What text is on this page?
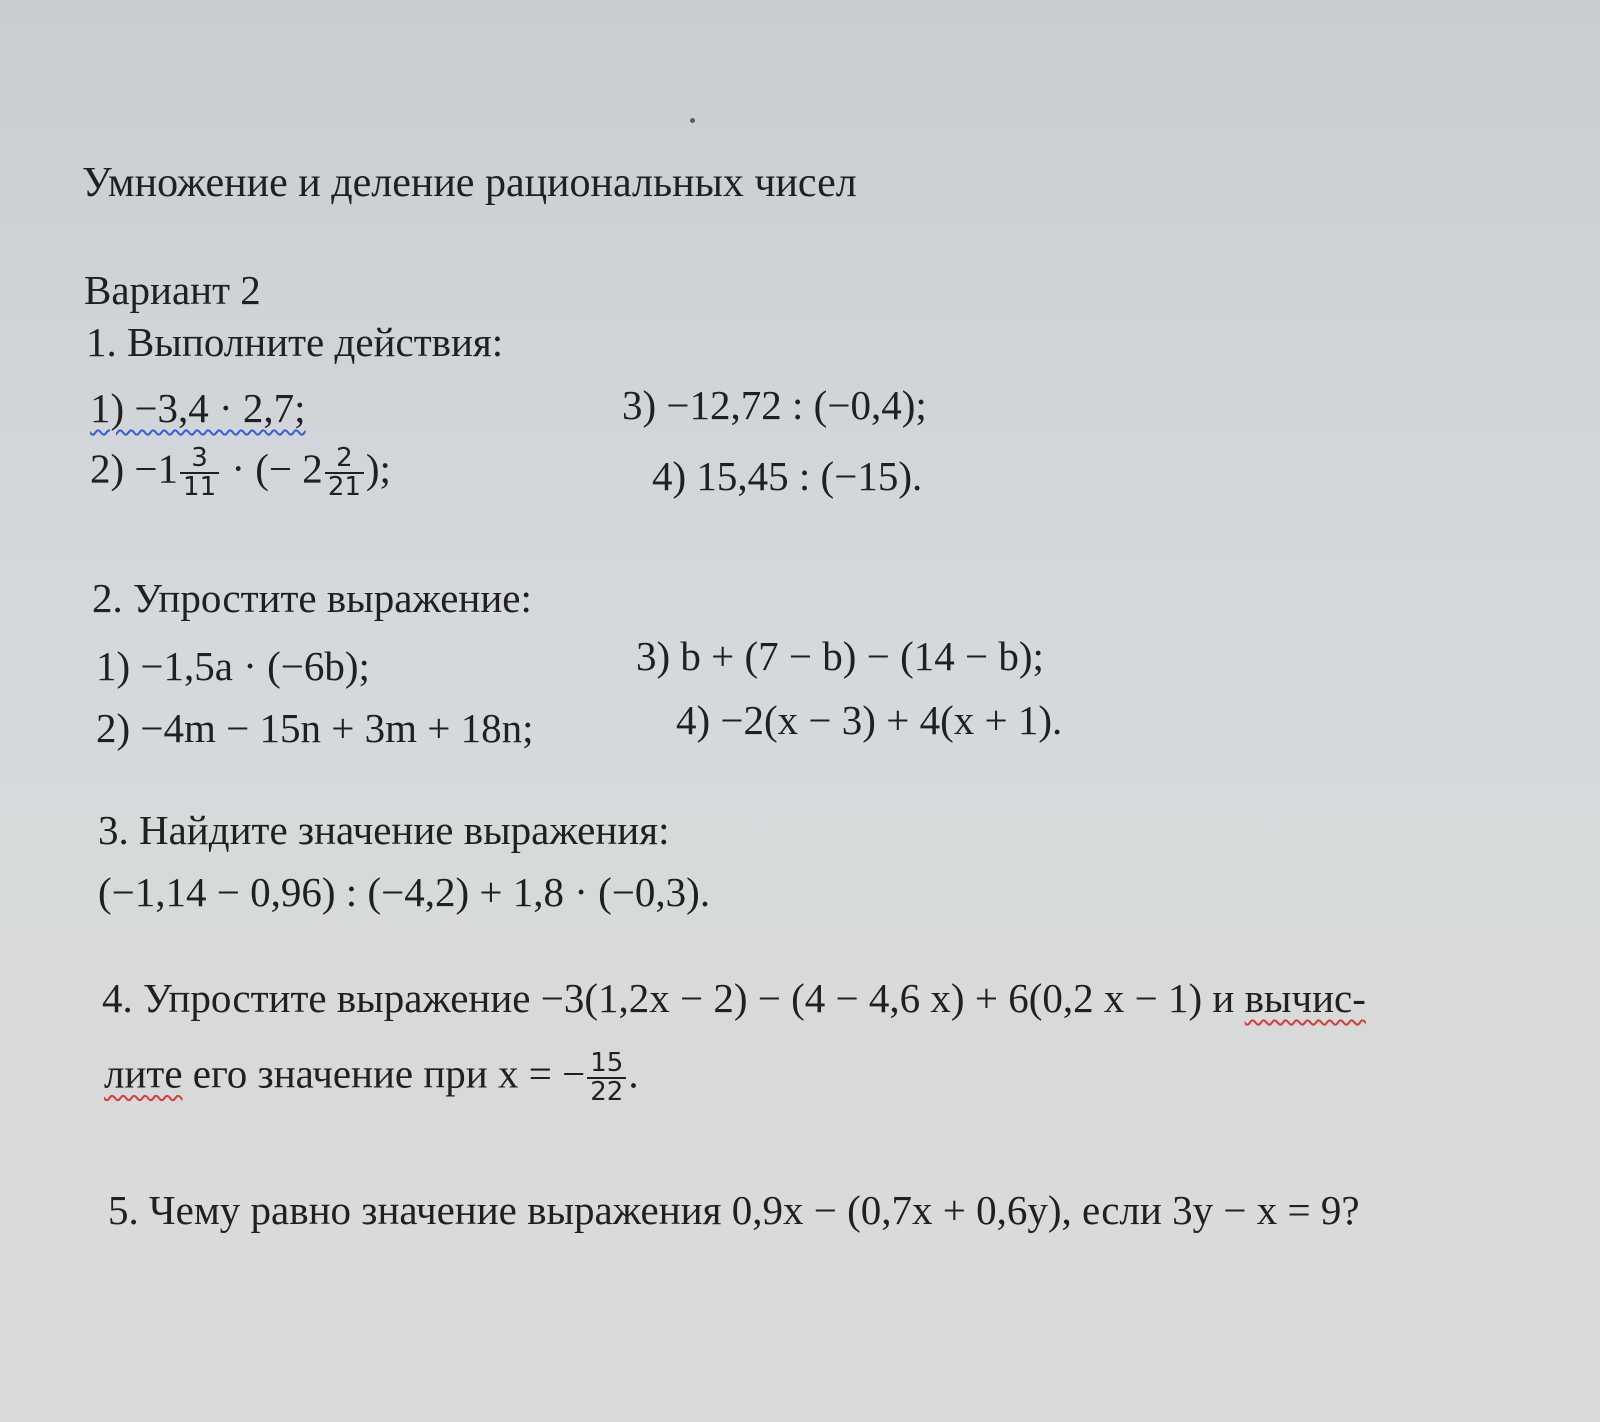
Умножение и деление рациональных чисел
Вариант 2
1. Выполните действия:
1) −3,4 · 2,7;	3) −12,72 : (−0,4);
$2) -1 \frac{3}{11}$ · (− $2 \frac{2}{21}$ );	4) 15,45 : (−15).
2. Упростите выражение:
1) −1,5a · (−6b);	3) b + (7 − b) − (14 − b);
2) −4m − 15n + 3m + 18n;	4) −2(x − 3) + 4(x + 1).
3. Найдите значение выражения:
(−1,14 − 0,96) : (−4,2) + 1,8 · (−0,3).
4. Упростите выражение −3(1,2x − 2) − (4 − 4,6 x) + 6(0,2 x − 1) и вычис-
лите его значение при x = − $\frac{15}{22}$ .
5. Чему равно значение выражения 0,9x − (0,7x + 0,6y), если 3y − x = 9?
